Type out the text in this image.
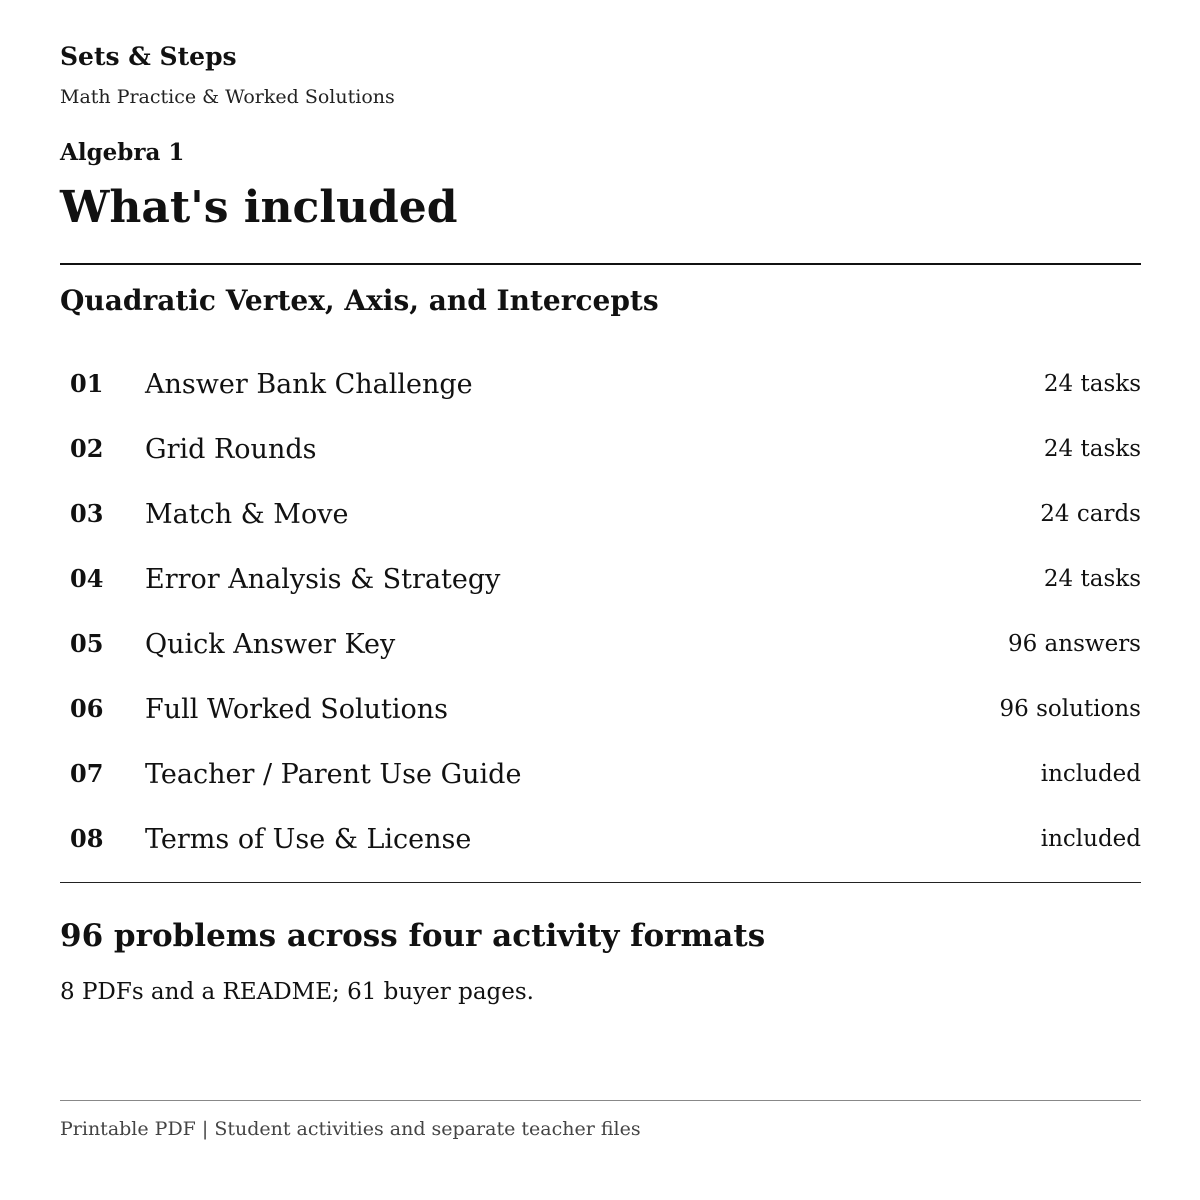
Sets & Steps
Math Practice & Worked Solutions
Algebra 1
What's included
Quadratic Vertex, Axis, and Intercepts
01 Answer Bank Challenge	24 tasks
02 Grid Rounds	24 tasks
03 Match & Move	24 cards
04 Error Analysis & Strategy	24 tasks
05 Quick Answer Key	96 answers
06 Full Worked Solutions	96 solutions
07 Teacher / Parent Use Guide	included
08 Terms of Use & License	included
96 problems across four activity formats
8 PDFs and a README; 61 buyer pages.
Printable PDF | Student activities and separate teacher files
